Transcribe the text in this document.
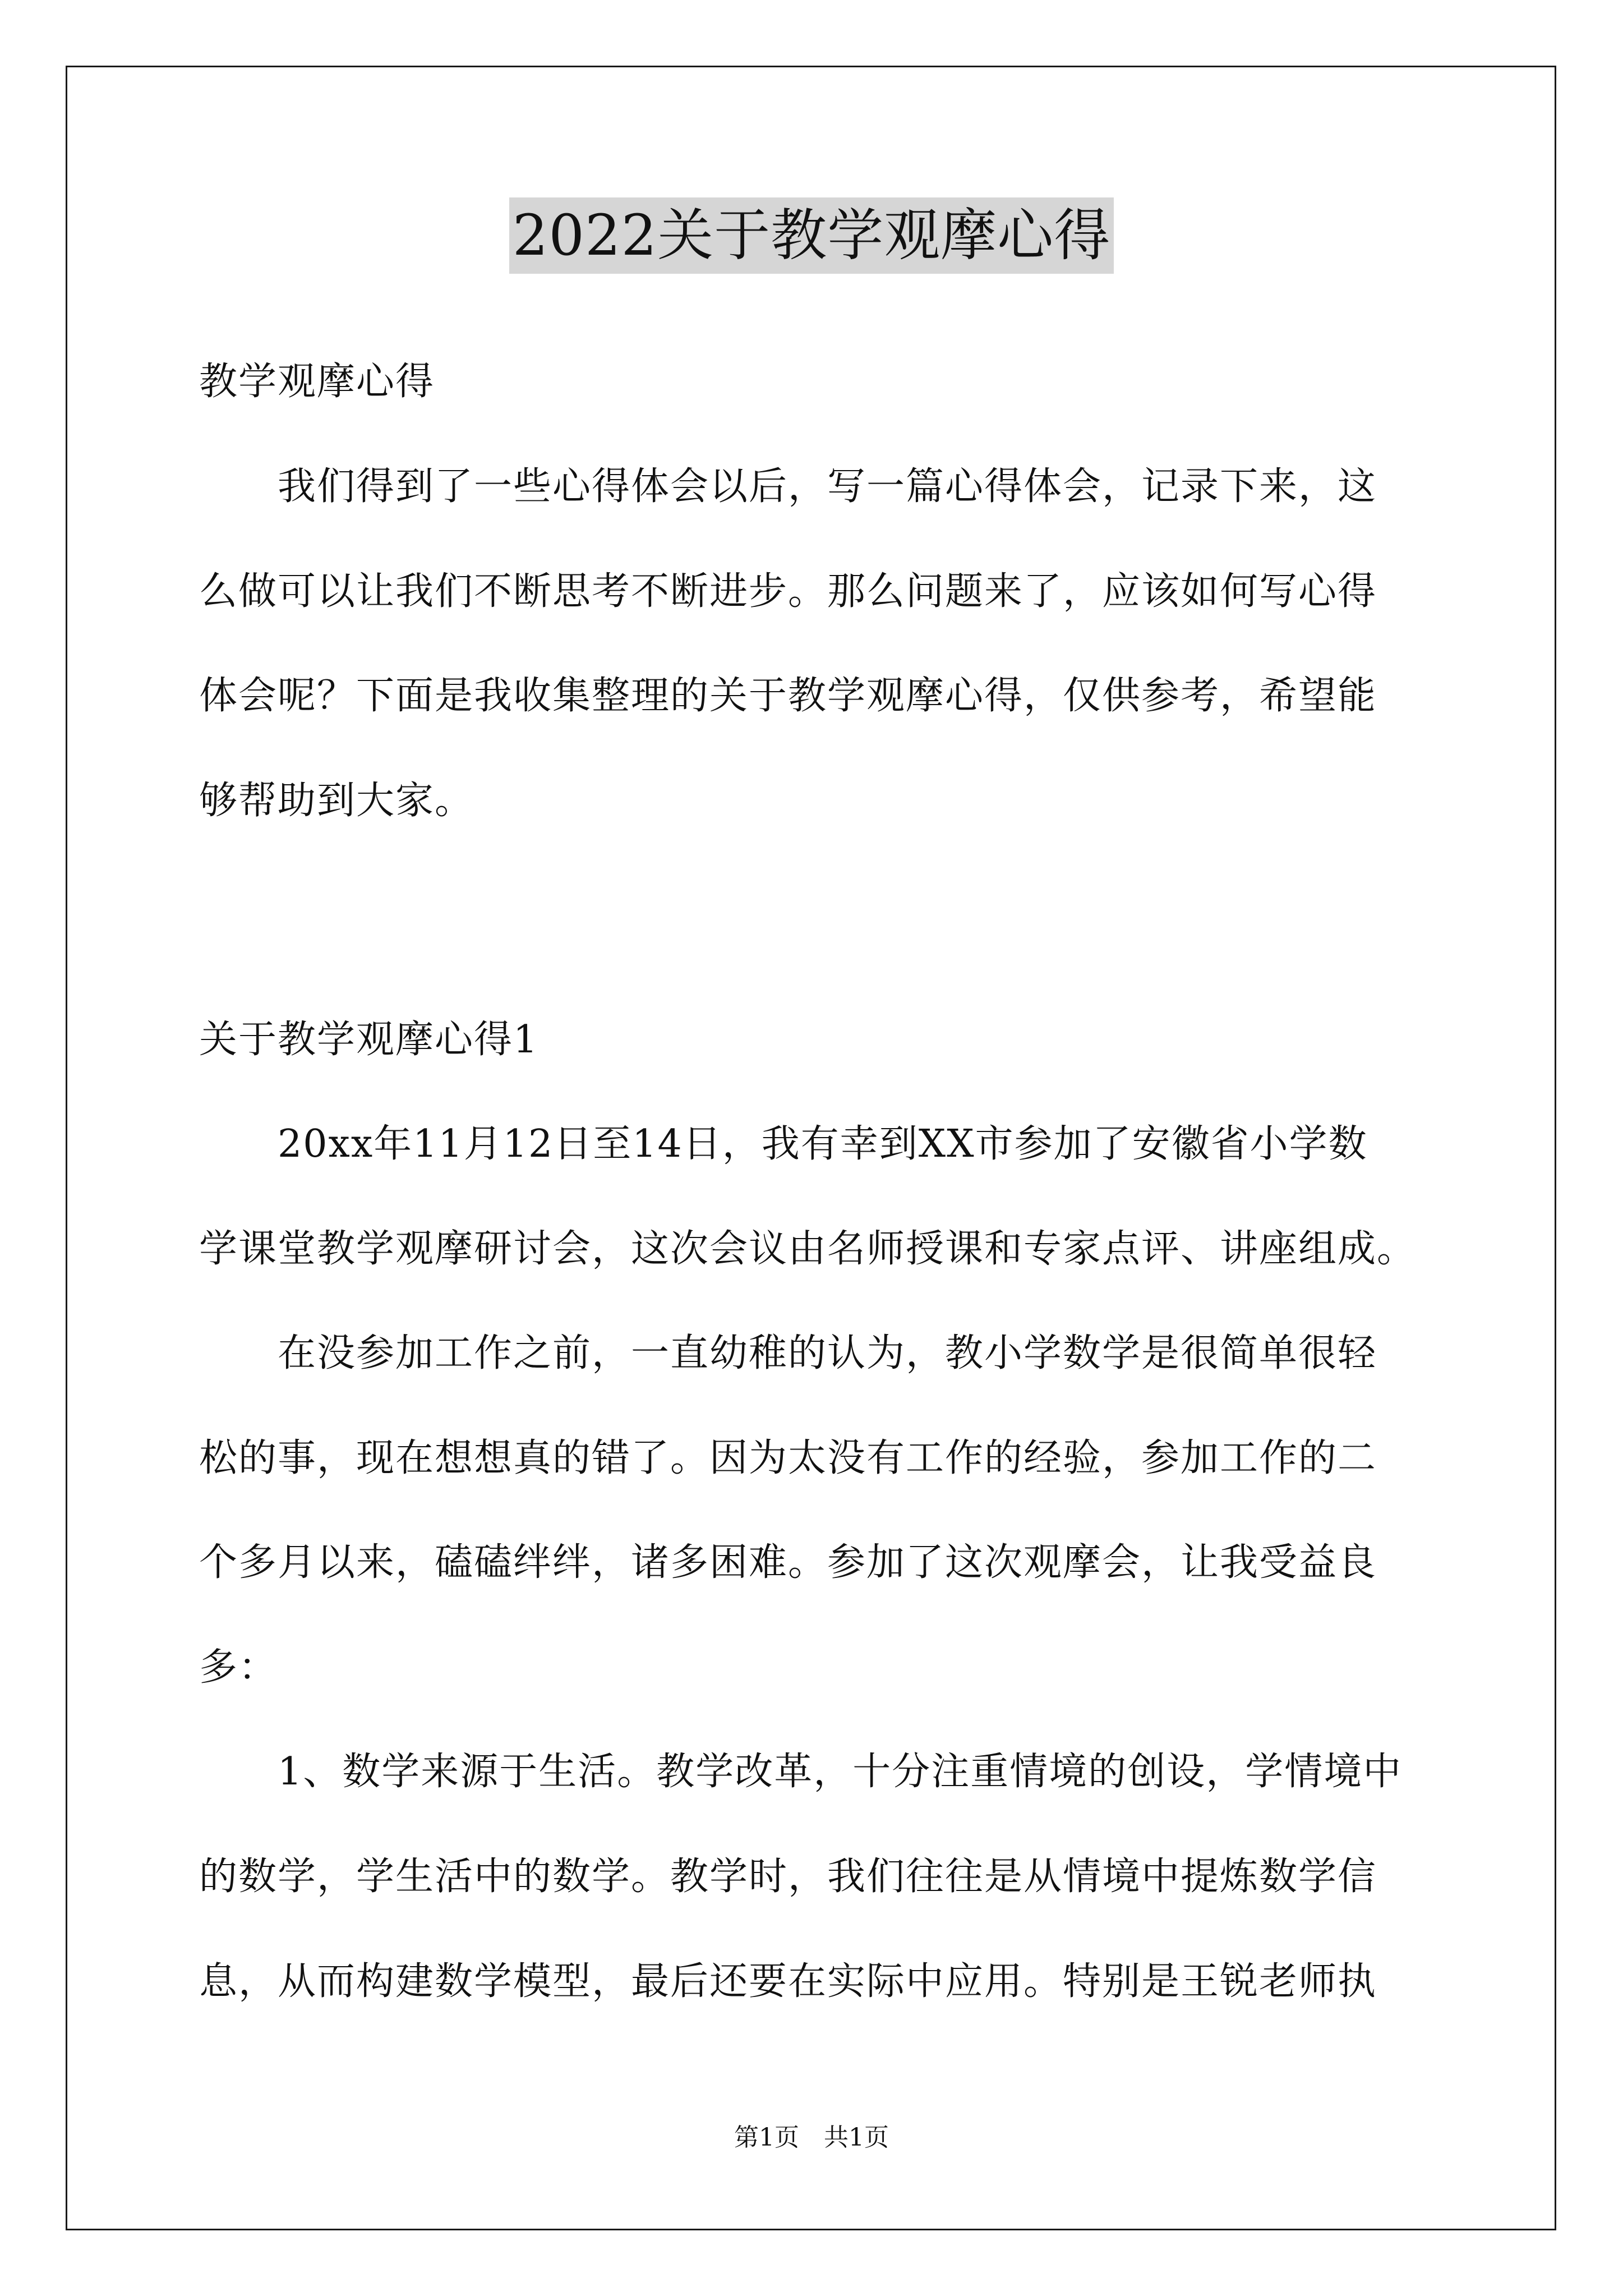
2022关于教学观摩心得
教学观摩心得
　　我们得到了一些心得体会以后，写一篇心得体会，记录下来，这
么做可以让我们不断思考不断进步。那么问题来了，应该如何写心得
体会呢？下面是我收集整理的关于教学观摩心得，仅供参考，希望能
够帮助到大家。
关于教学观摩心得1
　　20xx年11月12日至14日，我有幸到XX市参加了安徽省小学数
学课堂教学观摩研讨会，这次会议由名师授课和专家点评、讲座组成。
　　在没参加工作之前，一直幼稚的认为，教小学数学是很简单很轻
松的事，现在想想真的错了。因为太没有工作的经验，参加工作的二
个多月以来，磕磕绊绊，诸多困难。参加了这次观摩会，让我受益良
多：
　　1、数学来源于生活。教学改革，十分注重情境的创设，学情境中
的数学，学生活中的数学。教学时，我们往往是从情境中提炼数学信
息，从而构建数学模型，最后还要在实际中应用。特别是王锐老师执
第1页　共1页
